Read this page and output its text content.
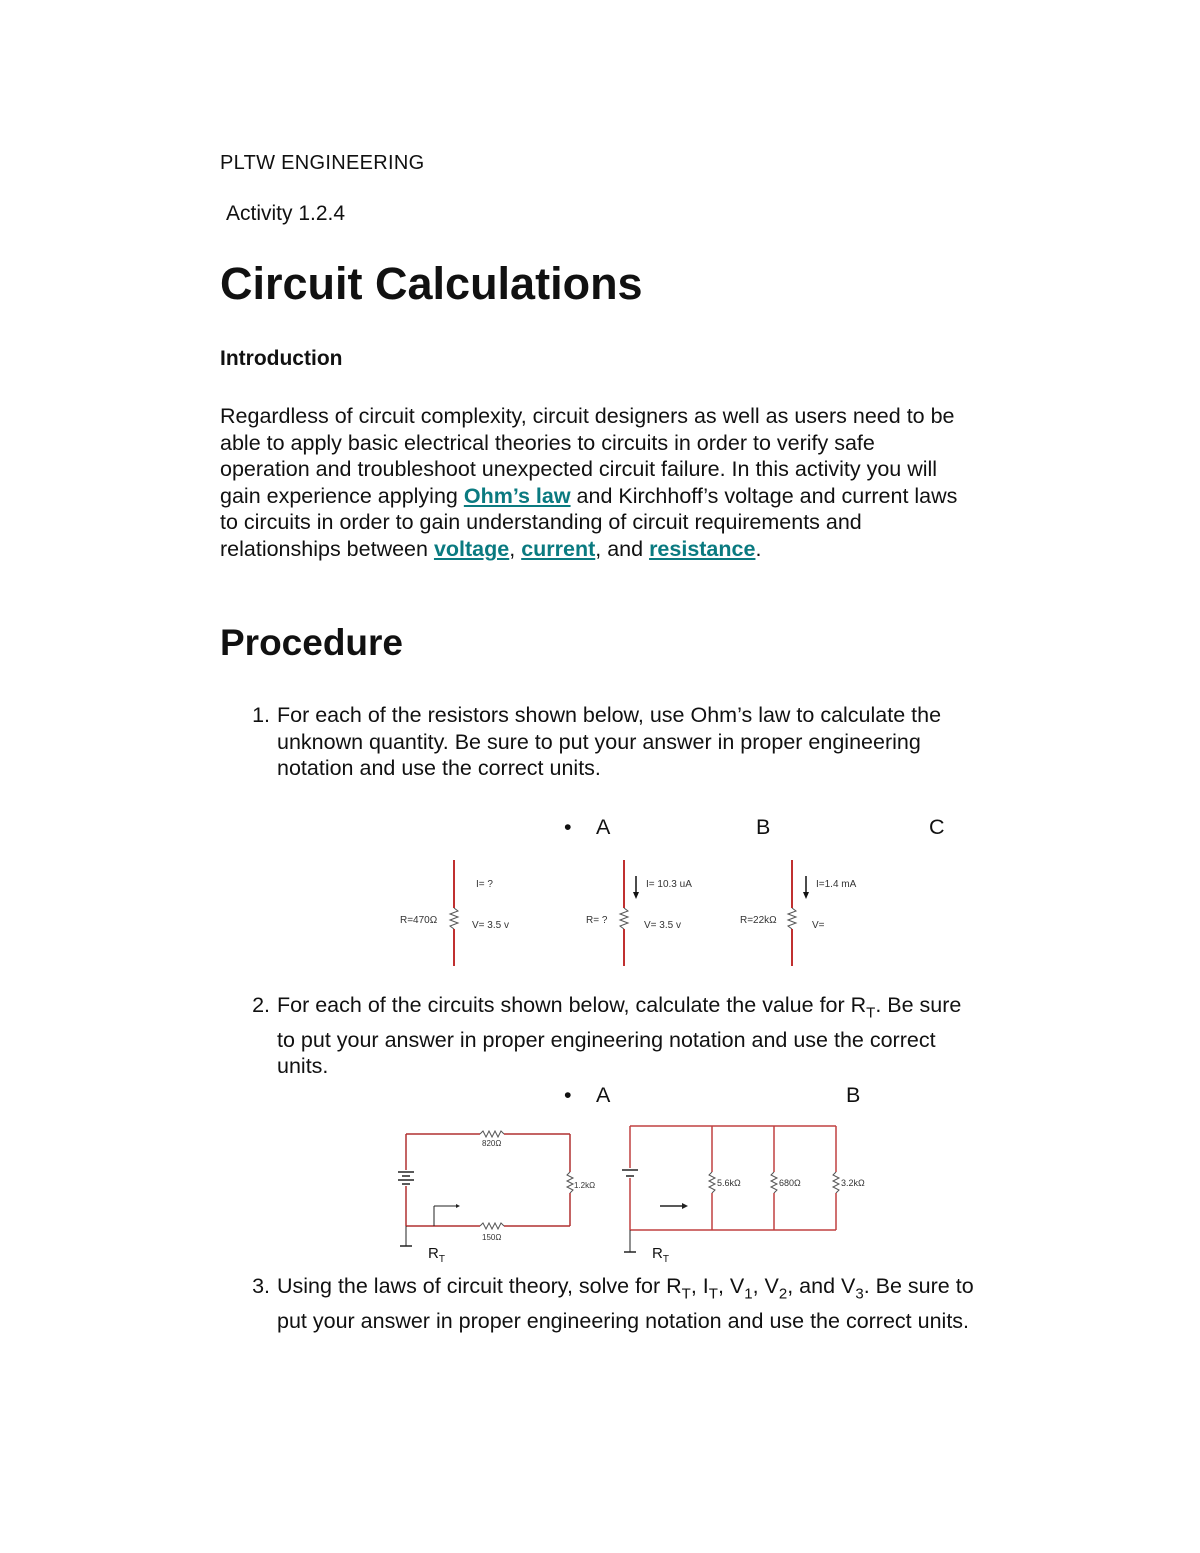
PLTW ENGINEERING
Activity 1.2.4
Circuit Calculations
Introduction
Regardless of circuit complexity, circuit designers as well as users need to be able to apply basic electrical theories to circuits in order to verify safe operation and troubleshoot unexpected circuit failure. In this activity you will gain experience applying Ohm’s law and Kirchhoff’s voltage and current laws to circuits in order to gain understanding of circuit requirements and relationships between voltage, current, and resistance.
Procedure
1. For each of the resistors shown below, use Ohm’s law to calculate the unknown quantity. Be sure to put your answer in proper engineering notation and use the correct units.
• A	B	C
R=470Ω
I= ?
V= 3.5 v	R= ?
I= 10.3 uA
V= 3.5 v	R=22kΩ
I=1.4 mA
V=
2. For each of the circuits shown below, calculate the value for $R_T$. Be sure to put your answer in proper engineering notation and use the correct units.
• A	B
820Ω
1.2kΩ
150Ω
$R_T$
5.6kΩ	680Ω	3.2kΩ
$R_T$
3. Using the laws of circuit theory, solve for $R_T$, $I_T$, $V_1$, $V_2$, and $V_3$. Be sure to put your answer in proper engineering notation and use the correct units.
